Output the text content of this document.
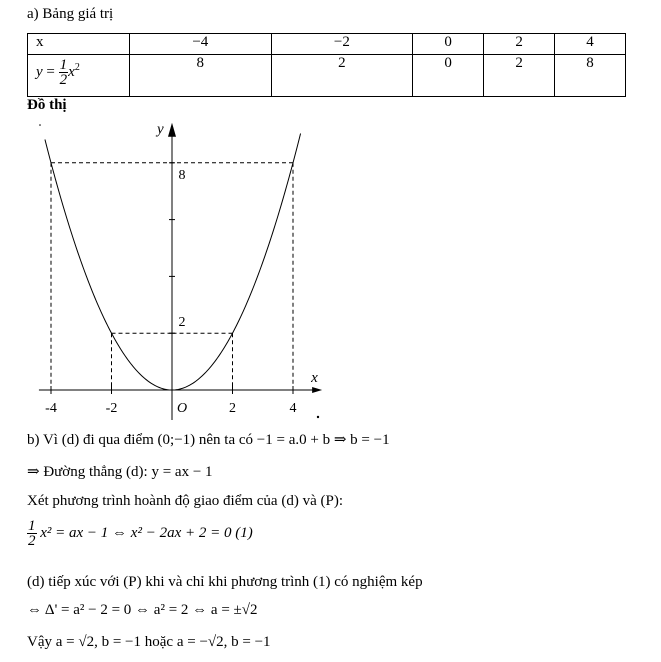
a) Bảng giá trị
x	−4	−2	0	2	4
$y = \frac{1}{2} x^2$	8	2	0	2	8
Đồ thị
-4	-2	O	2	4
8
2
x
y
b) Vì (d) đi qua điểm (0;−1) nên ta có −1 = a.0 + b ⇒ b = −1
⇒ Đường thẳng (d): y = ax − 1
Xét phương trình hoành độ giao điểm của (d) và (P):
$\frac{1}{2} x^2$ = ax − 1 ⇔ x² − 2ax + 2 = 0 (1)
(d) tiếp xúc với (P) khi và chỉ khi phương trình (1) có nghiệm kép
⇔ Δ' = a² − 2 = 0 ⇔ a² = 2 ⇔ a = ±√2
Vậy a = √2, b = −1 hoặc a = −√2, b = −1
